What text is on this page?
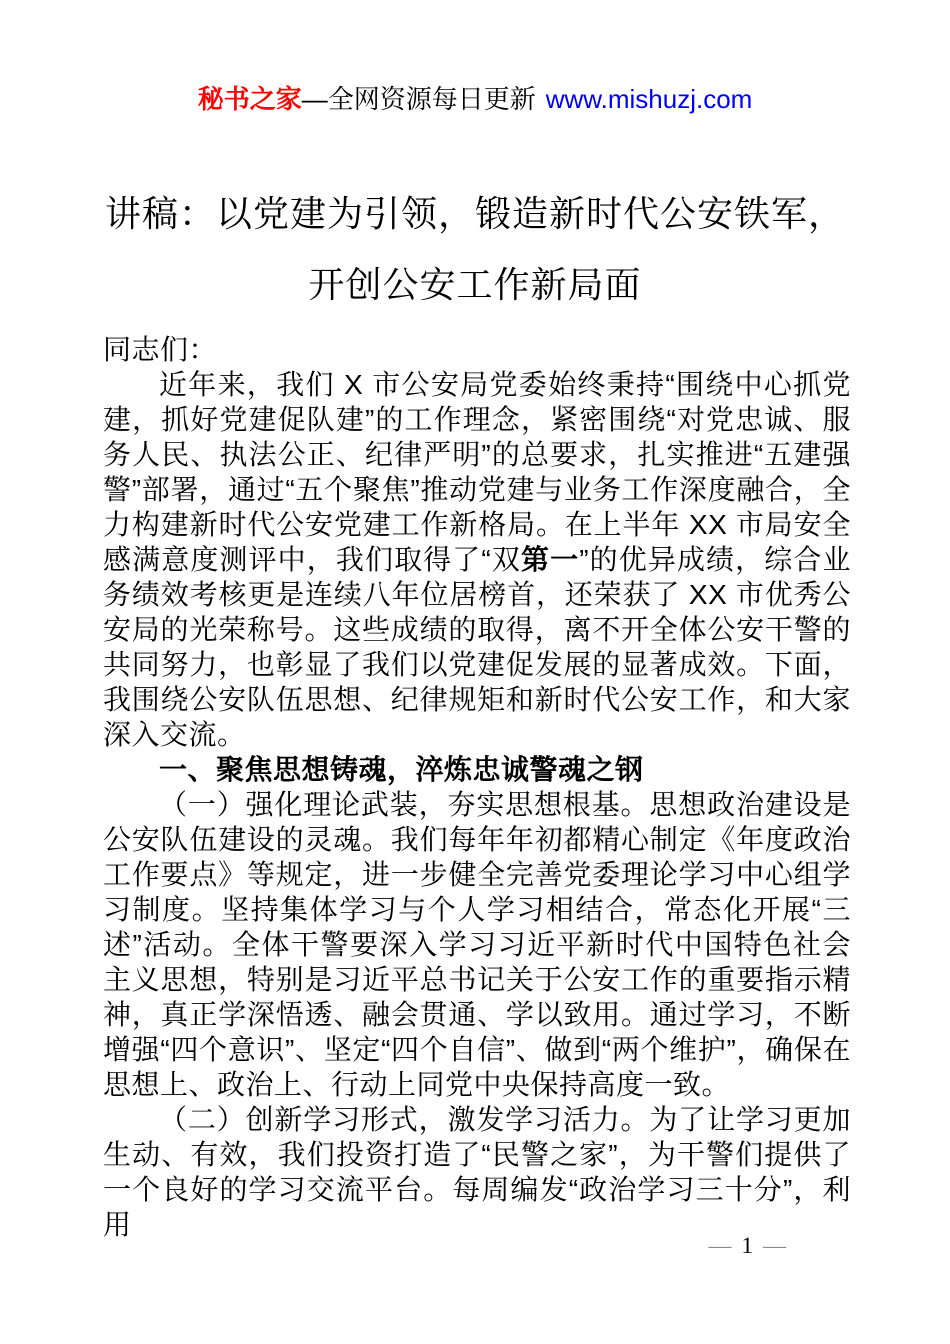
秘书之家—全网资源每日更新 www.mishuzj.com
讲稿：以党建为引领，锻造新时代公安铁军，
开创公安工作新局面

同志们：

近年来，我们 X 市公安局党委始终秉持“围绕中心抓党建，抓好党建促队建”的工作理念，紧密围绕“对党忠诚、服务人民、执法公正、纪律严明”的总要求，扎实推进“五建强警”部署，通过“五个聚焦”推动党建与业务工作深度融合，全力构建新时代公安党建工作新格局。在上半年 XX 市局安全感满意度测评中，我们取得了“双第一”的优异成绩，综合业务绩效考核更是连续八年位居榜首，还荣获了 XX 市优秀公安局的光荣称号。这些成绩的取得，离不开全体公安干警的共同努力，也彰显了我们以党建促发展的显著成效。下面，我围绕公安队伍思想、纪律规矩和新时代公安工作，和大家深入交流。

一、聚焦思想铸魂，淬炼忠诚警魂之钢

（一）强化理论武装，夯实思想根基。思想政治建设是公安队伍建设的灵魂。我们每年年初都精心制定《年度政治工作要点》等规定，进一步健全完善党委理论学习中心组学习制度。坚持集体学习与个人学习相结合，常态化开展“三述”活动。全体干警要深入学习习近平新时代中国特色社会主义思想，特别是习近平总书记关于公安工作的重要指示精神，真正学深悟透、融会贯通、学以致用。通过学习，不断增强“四个意识”、坚定“四个自信”、做到“两个维护”，确保在思想上、政治上、行动上同党中央保持高度一致。

（二）创新学习形式，激发学习活力。为了让学习更加生动、有效，我们投资打造了“民警之家”，为干警们提供了一个良好的学习交流平台。每周编发“政治学习三十分”，利用

— 1 —
